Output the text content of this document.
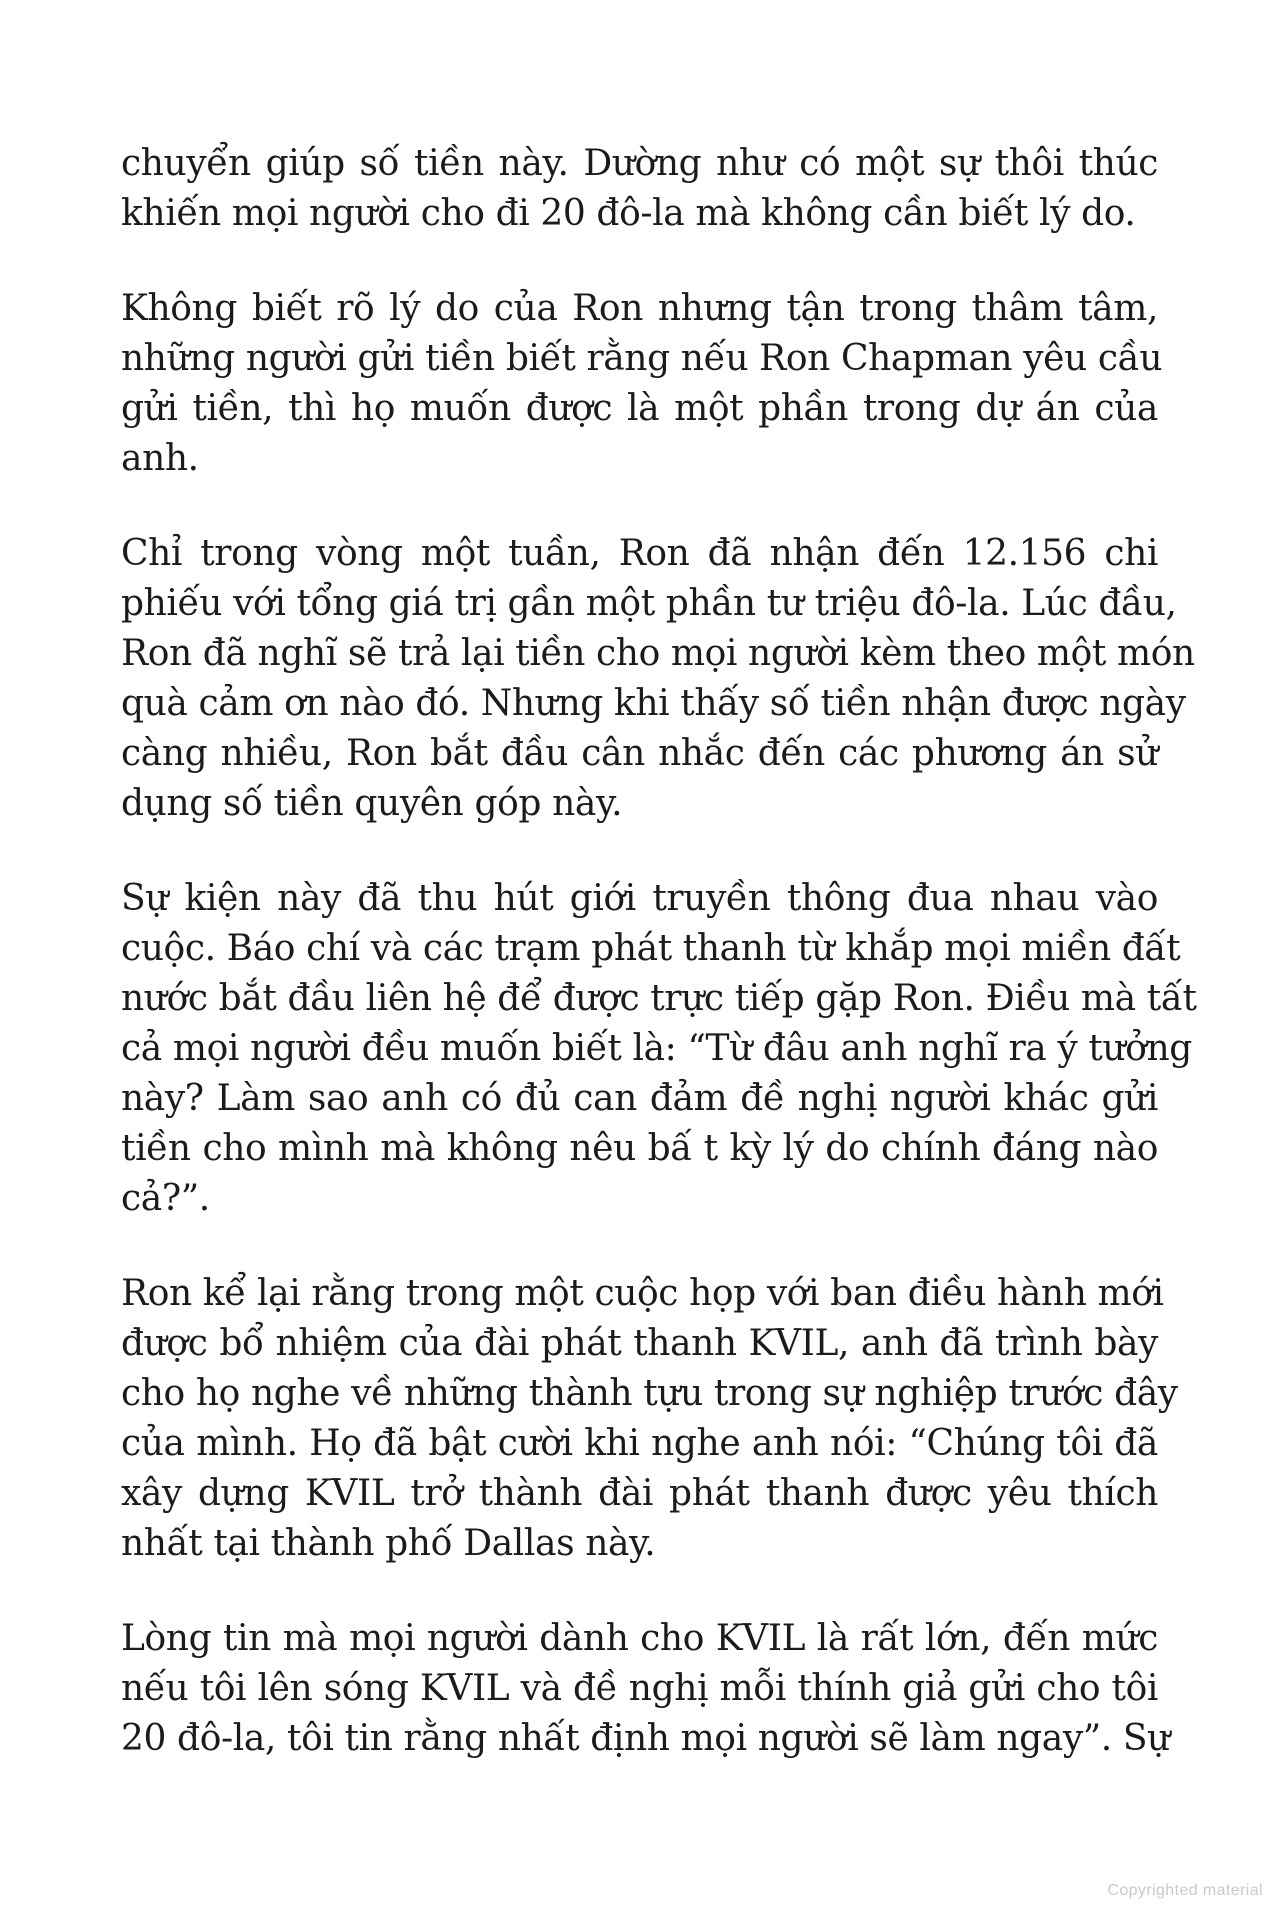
chuyển giúp số tiền này. Dường như có một sự thôi thúc
khiến mọi người cho đi 20 đô-la mà không cần biết lý do.
Không biết rõ lý do của Ron nhưng tận trong thâm tâm,
những người gửi tiền biết rằng nếu Ron Chapman yêu cầu
gửi tiền, thì họ muốn được là một phần trong dự án của
anh.
Chỉ trong vòng một tuần, Ron đã nhận đến 12.156 chi
phiếu với tổng giá trị gần một phần tư triệu đô-la. Lúc đầu,
Ron đã nghĩ sẽ trả lại tiền cho mọi người kèm theo một món
quà cảm ơn nào đó. Nhưng khi thấy số tiền nhận được ngày
càng nhiều, Ron bắt đầu cân nhắc đến các phương án sử
dụng số tiền quyên góp này.
Sự kiện này đã thu hút giới truyền thông đua nhau vào
cuộc. Báo chí và các trạm phát thanh từ khắp mọi miền đất
nước bắt đầu liên hệ để được trực tiếp gặp Ron. Điều mà tất
cả mọi người đều muốn biết là: “Từ đâu anh nghĩ ra ý tưởng
này? Làm sao anh có đủ can đảm đề nghị người khác gửi
tiền cho mình mà không nêu bấ t kỳ lý do chính đáng nào
cả?”.
Ron kể lại rằng trong một cuộc họp với ban điều hành mới
được bổ nhiệm của đài phát thanh KVIL, anh đã trình bày
cho họ nghe về những thành tựu trong sự nghiệp trước đây
của mình. Họ đã bật cười khi nghe anh nói: “Chúng tôi đã
xây dựng KVIL trở thành đài phát thanh được yêu thích
nhất tại thành phố Dallas này.
Lòng tin mà mọi người dành cho KVIL là rất lớn, đến mức
nếu tôi lên sóng KVIL và đề nghị mỗi thính giả gửi cho tôi
20 đô-la, tôi tin rằng nhất định mọi người sẽ làm ngay”. Sự
Copyrighted material
